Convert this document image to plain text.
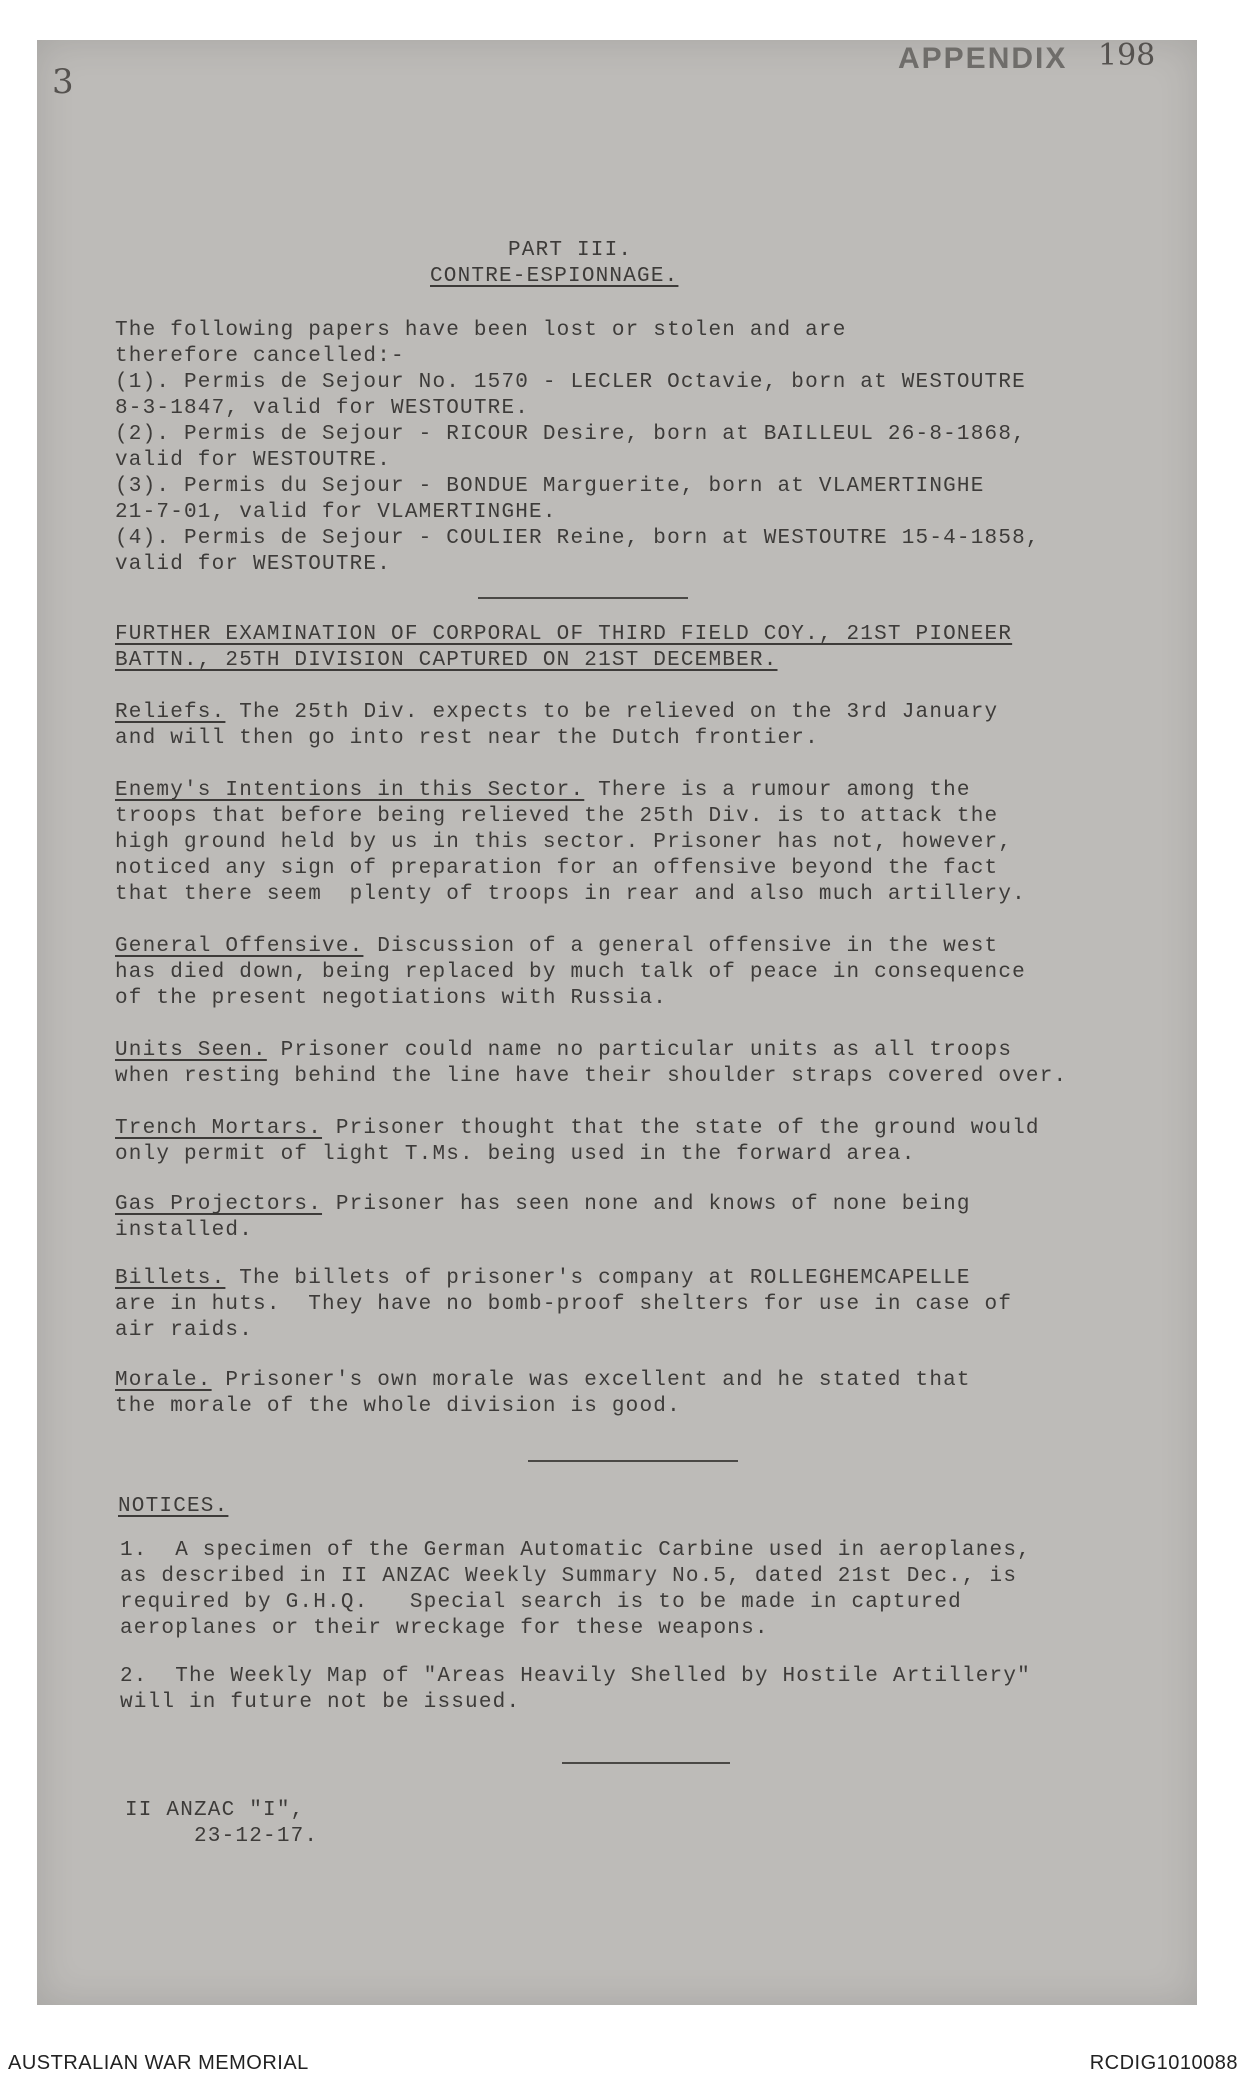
3
APPENDIX 198
PART III.
CONTRE-ESPIONNAGE.
The following papers have been lost or stolen and are
therefore cancelled:-
(1). Permis de Sejour No. 1570 - LECLER Octavie, born at WESTOUTRE
8-3-1847, valid for WESTOUTRE.
(2). Permis de Sejour - RICOUR Desire, born at BAILLEUL 26-8-1868,
valid for WESTOUTRE.
(3). Permis du Sejour - BONDUE Marguerite, born at VLAMERTINGHE
21-7-01, valid for VLAMERTINGHE.
(4). Permis de Sejour - COULIER Reine, born at WESTOUTRE 15-4-1858,
valid for WESTOUTRE.
FURTHER EXAMINATION OF CORPORAL OF THIRD FIELD COY., 21ST PIONEER
BATTN., 25TH DIVISION CAPTURED ON 21ST DECEMBER.
Reliefs. The 25th Div. expects to be relieved on the 3rd January
and will then go into rest near the Dutch frontier.
Enemy's Intentions in this Sector. There is a rumour among the
troops that before being relieved the 25th Div. is to attack the
high ground held by us in this sector. Prisoner has not, however,
noticed any sign of preparation for an offensive beyond the fact
that there seem  plenty of troops in rear and also much artillery.
General Offensive. Discussion of a general offensive in the west
has died down, being replaced by much talk of peace in consequence
of the present negotiations with Russia.
Units Seen. Prisoner could name no particular units as all troops
when resting behind the line have their shoulder straps covered over.
Trench Mortars. Prisoner thought that the state of the ground would
only permit of light T.Ms. being used in the forward area.
Gas Projectors. Prisoner has seen none and knows of none being
installed.
Billets. The billets of prisoner's company at ROLLEGHEMCAPELLE
are in huts.  They have no bomb-proof shelters for use in case of
air raids.
Morale. Prisoner's own morale was excellent and he stated that
the morale of the whole division is good.
NOTICES.
1.  A specimen of the German Automatic Carbine used in aeroplanes,
as described in II ANZAC Weekly Summary No.5, dated 21st Dec., is
required by G.H.Q.   Special search is to be made in captured
aeroplanes or their wreckage for these weapons.
2.  The Weekly Map of "Areas Heavily Shelled by Hostile Artillery"
will in future not be issued.
II ANZAC "I",
23-12-17.
AUSTRALIAN WAR MEMORIAL	RCDIG1010088
